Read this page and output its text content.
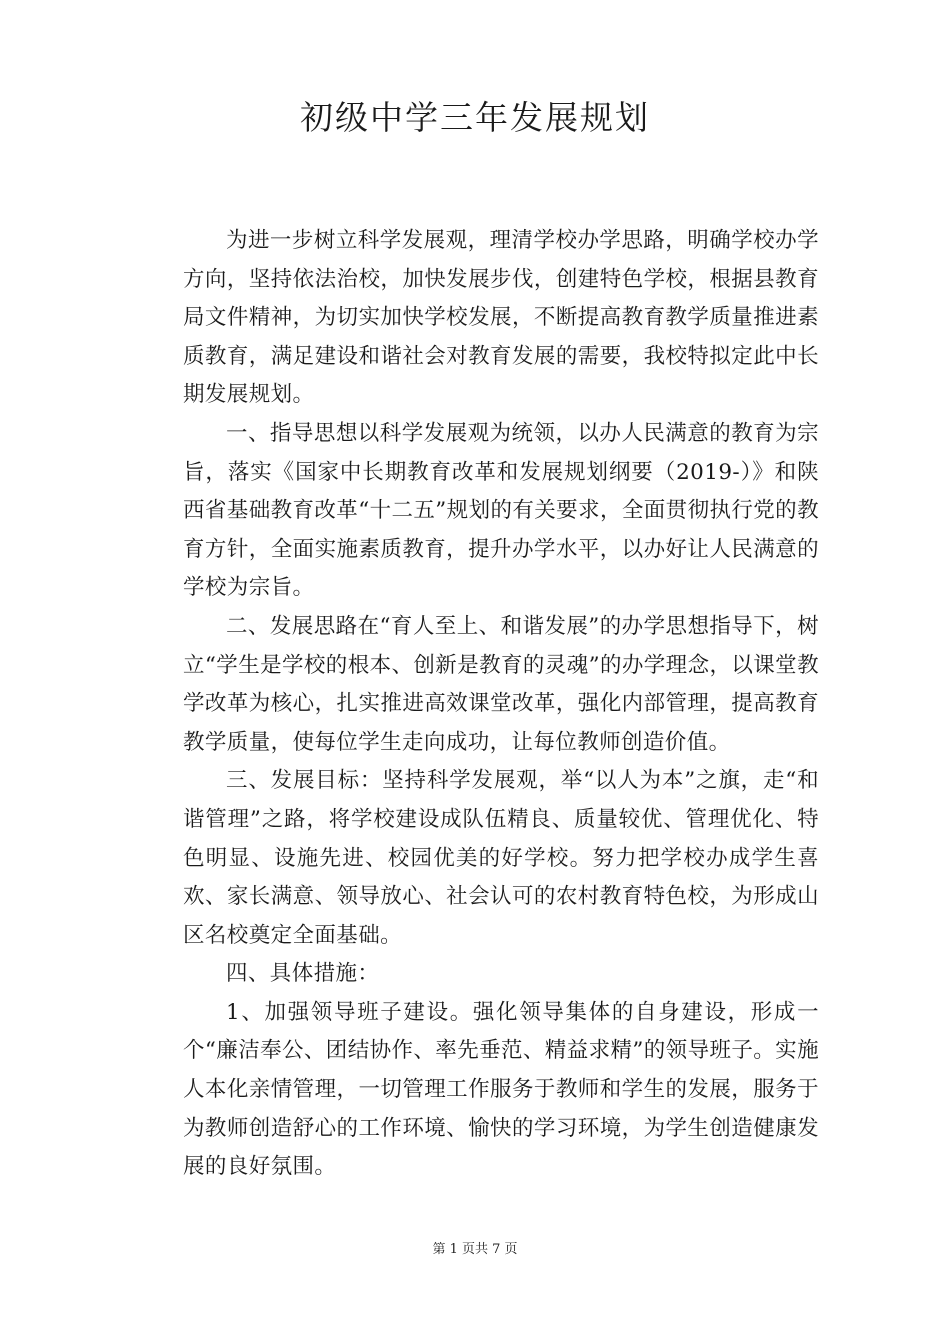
初级中学三年发展规划

为进一步树立科学发展观，理清学校办学思路，明确学校办学方向，坚持依法治校，加快发展步伐，创建特色学校，根据县教育局文件精神，为切实加快学校发展，不断提高教育教学质量推进素质教育，满足建设和谐社会对教育发展的需要，我校特拟定此中长期发展规划。

一、指导思想以科学发展观为统领，以办人民满意的教育为宗旨，落实《国家中长期教育改革和发展规划纲要（2019-）》和陕西省基础教育改革“十二五”规划的有关要求，全面贯彻执行党的教育方针，全面实施素质教育，提升办学水平，以办好让人民满意的学校为宗旨。

二、发展思路在“育人至上、和谐发展”的办学思想指导下，树立“学生是学校的根本、创新是教育的灵魂”的办学理念，以课堂教学改革为核心，扎实推进高效课堂改革，强化内部管理，提高教育教学质量，使每位学生走向成功，让每位教师创造价值。

三、发展目标：坚持科学发展观，举“以人为本”之旗，走“和谐管理”之路，将学校建设成队伍精良、质量较优、管理优化、特色明显、设施先进、校园优美的好学校。努力把学校办成学生喜欢、家长满意、领导放心、社会认可的农村教育特色校，为形成山区名校奠定全面基础。

四、具体措施：

1、加强领导班子建设。强化领导集体的自身建设，形成一个“廉洁奉公、团结协作、率先垂范、精益求精”的领导班子。实施人本化亲情管理，一切管理工作服务于教师和学生的发展，服务于为教师创造舒心的工作环境、愉快的学习环境，为学生创造健康发展的良好氛围。

第 1 页共 7 页
